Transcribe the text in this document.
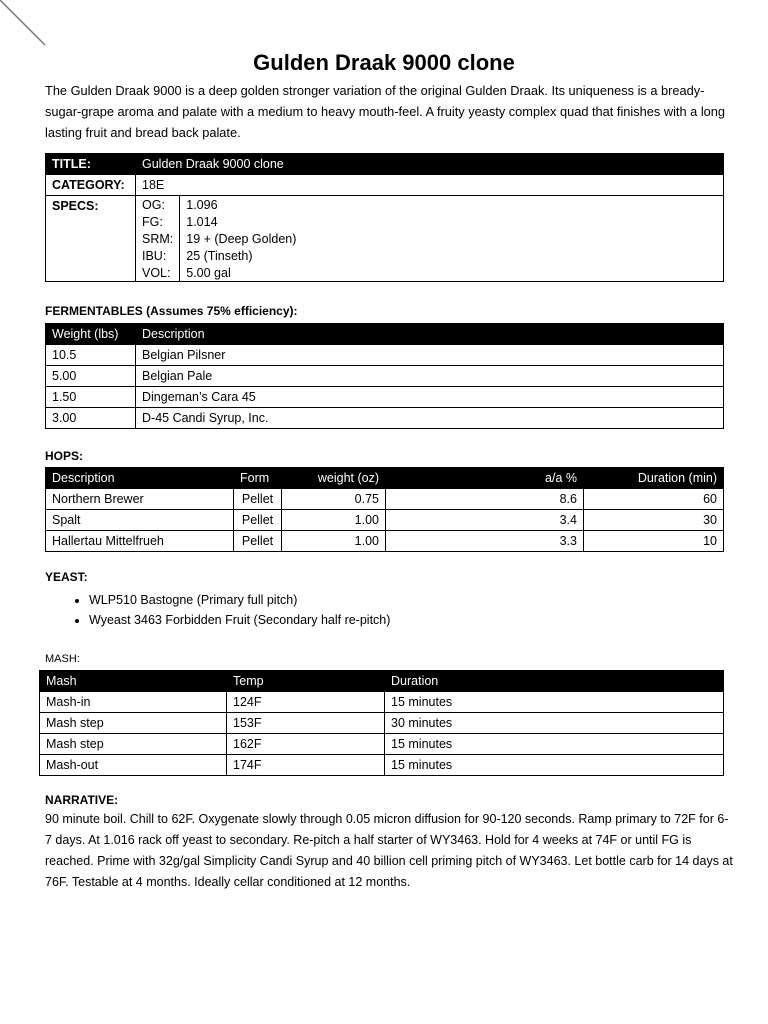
Gulden Draak 9000 clone
The Gulden Draak 9000 is a deep golden stronger variation of the original Gulden Draak. Its uniqueness is a bready-sugar-grape aroma and palate with a medium to heavy mouth-feel. A fruity yeasty complex quad that finishes with a long lasting fruit and bread back palate.
TITLE:	Gulden Draak 9000 clone
CATEGORY:	18E
SPECS:		OG:	1.096
FG:	1.014
SRM:	19 + (Deep Golden)
IBU:	25 (Tinseth)
VOL:	5.00 gal
FERMENTABLES (Assumes 75% efficiency):
Weight (lbs)	Description
10.5	Belgian Pilsner
5.00	Belgian Pale
1.50	Dingeman’s Cara 45
3.00	D-45 Candi Syrup, Inc.
HOPS:
Description	Form	weight (oz)	a/a %	Duration (min)
Northern Brewer	Pellet	0.75	8.6	60
Spalt	Pellet	1.00	3.4	30
Hallertau Mittelfrueh	Pellet	1.00	3.3	10
YEAST:
• WLP510 Bastogne (Primary full pitch)
• Wyeast 3463 Forbidden Fruit (Secondary half re-pitch)
MASH:
Mash	Temp	Duration
Mash-in	124F	15 minutes
Mash step	153F	30 minutes
Mash step	162F	15 minutes
Mash-out	174F	15 minutes
NARRATIVE:
90 minute boil. Chill to 62F. Oxygenate slowly through 0.05 micron diffusion for 90-120 seconds. Ramp primary to 72F for 6-7 days. At 1.016 rack off yeast to secondary. Re-pitch a half starter of WY3463. Hold for 4 weeks at 74F or until FG is reached. Prime with 32g/gal Simplicity Candi Syrup and 40 billion cell priming pitch of WY3463. Let bottle carb for 14 days at 76F. Testable at 4 months. Ideally cellar conditioned at 12 months.
